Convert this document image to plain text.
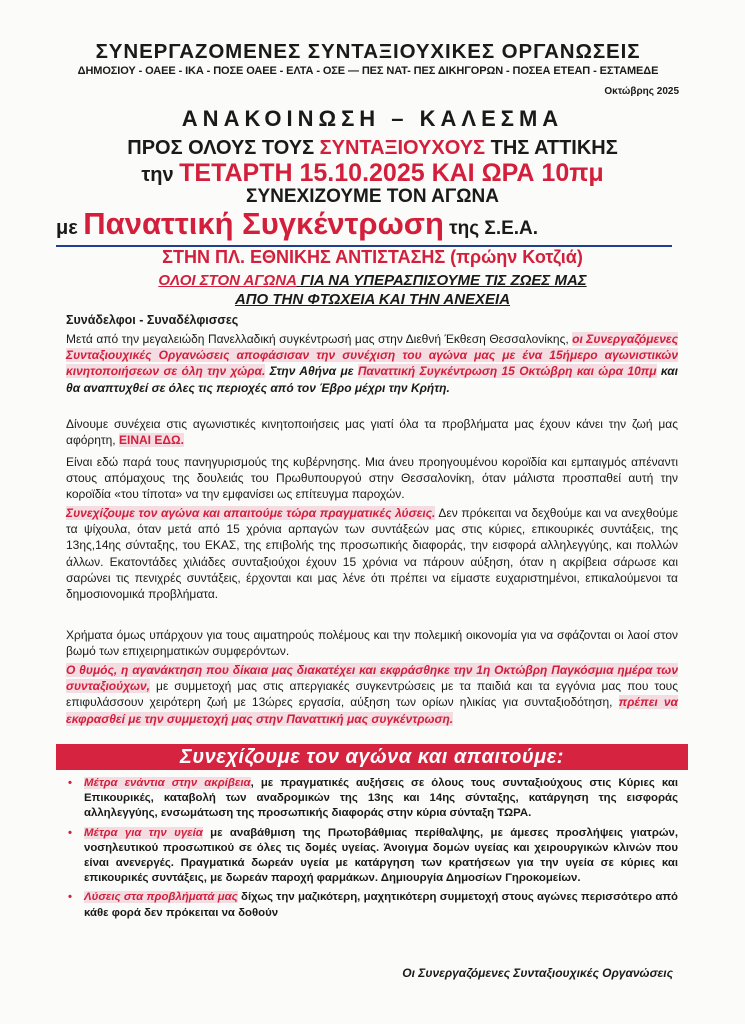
ΣΥΝΕΡΓΑΖΟΜΕΝΕΣ ΣΥΝΤΑΞΙΟΥΧΙΚΕΣ ΟΡΓΑΝΩΣΕΙΣ
ΔΗΜΟΣΙΟΥ - ΟΑΕΕ - ΙΚΑ - ΠΟΣΕ ΟΑΕΕ - ΕΛΤΑ - ΟΣΕ — ΠΕΣ ΝΑΤ- ΠΕΣ ΔΙΚΗΓΟΡΩΝ - ΠΟΣΕΑ ΕΤΕΑΠ - ΕΣΤΑΜΕΔΕ
Οκτώβρης 2025
ΑΝΑΚΟΙΝΩΣΗ – ΚΑΛΕΣΜΑ
ΠΡΟΣ ΟΛΟΥΣ ΤΟΥΣ ΣΥΝΤΑΞΙΟΥΧΟΥΣ ΤΗΣ ΑΤΤΙΚΗΣ
την ΤΕΤΑΡΤΗ 15.10.2025 ΚΑΙ ΩΡΑ 10πμ
ΣΥΝΕΧΙΖΟΥΜΕ ΤΟΝ ΑΓΩΝΑ
με Παναττική Συγκέντρωση της Σ.Ε.Α.
ΣΤΗΝ ΠΛ. ΕΘΝΙΚΗΣ ΑΝΤΙΣΤΑΣΗΣ (πρώην Κοτζιά)
ΟΛΟΙ ΣΤΟΝ ΑΓΩΝΑ ΓΙΑ ΝΑ ΥΠΕΡΑΣΠΙΣΟΥΜΕ ΤΙΣ ΖΩΕΣ ΜΑΣ
ΑΠΟ ΤΗΝ ΦΤΩΧΕΙΑ ΚΑΙ ΤΗΝ ΑΝΕΧΕΙΑ
Συνάδελφοι - Συναδέλφισσες
Μετά από την μεγαλειώδη Πανελλαδική συγκέντρωσή μας στην Διεθνή Έκθεση Θεσσαλονίκης, οι Συνεργαζόμενες Συνταξιουχικές Οργανώσεις αποφάσισαν την συνέχιση του αγώνα μας με ένα 15ήμερο αγωνιστικών κινητοποιήσεων σε όλη την χώρα. Στην Αθήνα με Παναττική Συγκέντρωση 15 Οκτώβρη και ώρα 10πμ και θα αναπτυχθεί σε όλες τις περιοχές από τον Έβρο μέχρι την Κρήτη.
Δίνουμε συνέχεια στις αγωνιστικές κινητοποιήσεις μας γιατί όλα τα προβλήματα μας έχουν κάνει την ζωή μας αφόρητη, ΕΙΝΑΙ ΕΔΩ.
Είναι εδώ παρά τους πανηγυρισμούς της κυβέρνησης. Μια άνευ προηγουμένου κοροϊδία και εμπαιγμός απέναντι στους απόμαχους της δουλειάς του Πρωθυπουργού στην Θεσσαλονίκη, όταν μάλιστα προσπαθεί αυτή την κοροϊδία «του τίποτα» να την εμφανίσει ως επίτευγμα παροχών.
Συνεχίζουμε τον αγώνα και απαιτούμε τώρα πραγματικές λύσεις. Δεν πρόκειται να δεχθούμε και να ανεχθούμε τα ψίχουλα, όταν μετά από 15 χρόνια αρπαγών των συντάξεών μας στις κύριες, επικουρικές συντάξεις, της 13ης,14ης σύνταξης, του ΕΚΑΣ, της επιβολής της προσωπικής διαφοράς, την εισφορά αλληλεγγύης, και πολλών άλλων. Εκατοντάδες χιλιάδες συνταξιούχοι έχουν 15 χρόνια να πάρουν αύξηση, όταν η ακρίβεια σάρωσε και σαρώνει τις πενιχρές συντάξεις, έρχονται και μας λένε ότι πρέπει να είμαστε ευχαριστημένοι, επικαλούμενοι τα δημοσιονομικά προβλήματα.
Χρήματα όμως υπάρχουν για τους αιματηρούς πολέμους και την πολεμική οικονομία για να σφάζονται οι λαοί στον βωμό των επιχειρηματικών συμφερόντων.
Ο θυμός, η αγανάκτηση που δίκαια μας διακατέχει και εκφράσθηκε την 1η Οκτώβρη Παγκόσμια ημέρα των συνταξιούχων, με συμμετοχή μας στις απεργιακές συγκεντρώσεις με τα παιδιά και τα εγγόνια μας που τους επιφυλάσσουν χειρότερη ζωή με 13ώρες εργασία, αύξηση των ορίων ηλικίας για συνταξιοδότηση, πρέπει να εκφρασθεί με την συμμετοχή μας στην Παναττική μας συγκέντρωση.
Συνεχίζουμε τον αγώνα και απαιτούμε:
• Μέτρα ενάντια στην ακρίβεια, με πραγματικές αυξήσεις σε όλους τους συνταξιούχους στις Κύριες και Επικουρικές, καταβολή των αναδρομικών της 13ης και 14ης σύνταξης, κατάργηση της εισφοράς αλληλεγγύης, ενσωμάτωση της προσωπικής διαφοράς στην κύρια σύνταξη ΤΩΡΑ.
• Μέτρα για την υγεία με αναβάθμιση της Πρωτοβάθμιας περίθαλψης, με άμεσες προσλήψεις γιατρών, νοσηλευτικού προσωπικού σε όλες τις δομές υγείας. Άνοιγμα δομών υγείας και χειρουργικών κλινών που είναι ανενεργές. Πραγματικά δωρεάν υγεία με κατάργηση των κρατήσεων για την υγεία σε κύριες και επικουρικές συντάξεις, με δωρεάν παροχή φαρμάκων. Δημιουργία Δημοσίων Γηροκομείων.
• Λύσεις στα προβλήματά μας δίχως την μαζικότερη, μαχητικότερη συμμετοχή στους αγώνες περισσότερο από κάθε φορά δεν πρόκειται να δοθούν
Οι Συνεργαζόμενες Συνταξιουχικές Οργανώσεις
